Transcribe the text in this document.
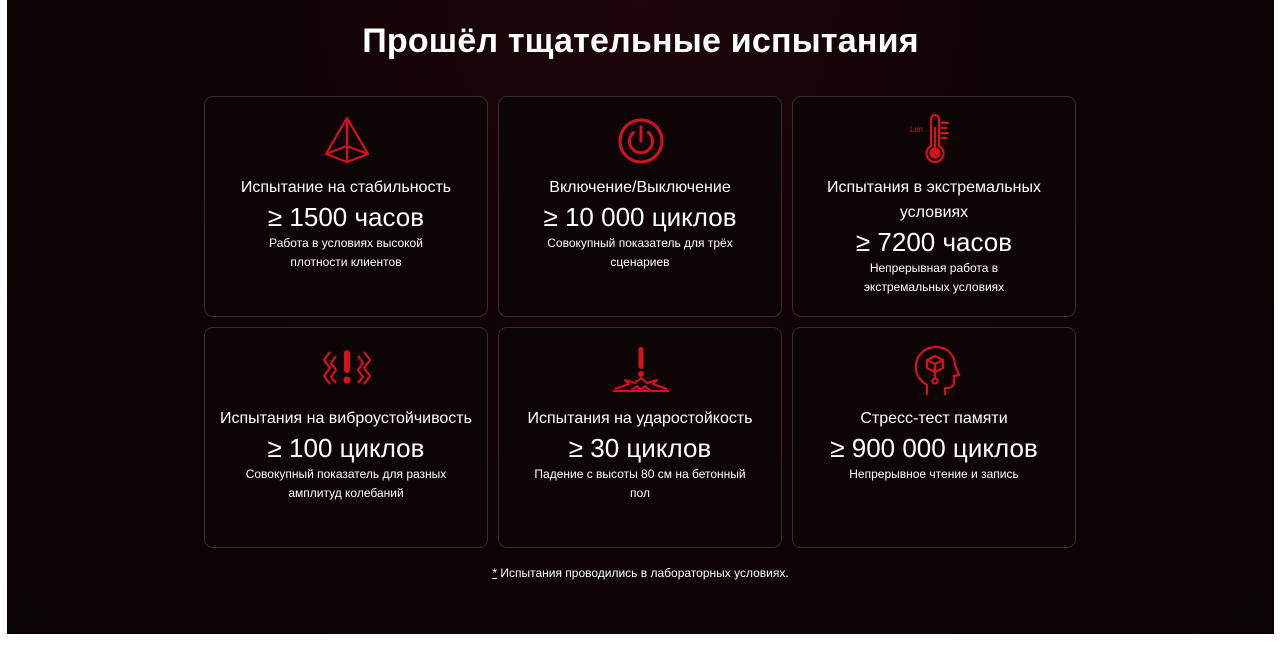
Прошёл тщательные испытания
Испытание на стабильность
≥ 1500 часов
Работа в условиях высокой плотности клиентов
Включение/Выключение
≥ 10 000 циклов
Совокупный показатель для трёх сценариев
Lim
Испытания в экстремальных условиях
≥ 7200 часов
Непрерывная работа в экстремальных условиях
Испытания на виброустойчивость
≥ 100 циклов
Совокупный показатель для разных амплитуд колебаний
Испытания на ударостойкость
≥ 30 циклов
Падение с высоты 80 см на бетонный пол
Стресс-тест памяти
≥ 900 000 циклов
Непрерывное чтение и запись
* Испытания проводились в лабораторных условиях.
